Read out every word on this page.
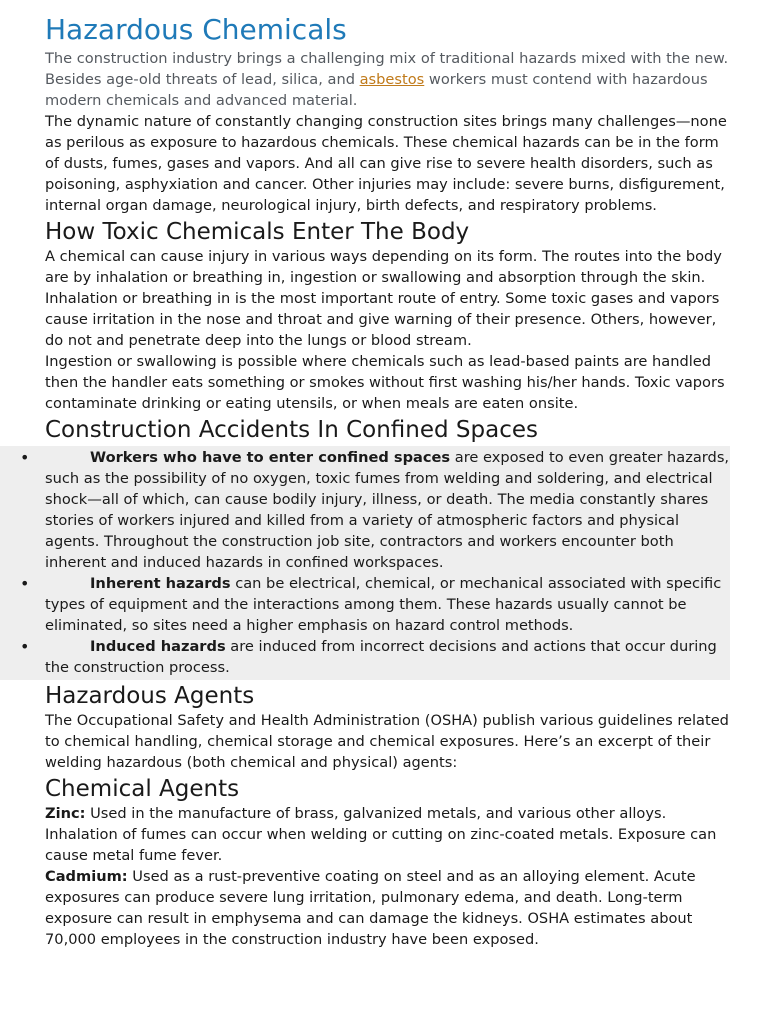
Hazardous Chemicals

The construction industry brings a challenging mix of traditional hazards mixed with the new. Besides age-old threats of lead, silica, and asbestos workers must contend with hazardous modern chemicals and advanced material.

The dynamic nature of constantly changing construction sites brings many challenges—none as perilous as exposure to hazardous chemicals. These chemical hazards can be in the form of dusts, fumes, gases and vapors. And all can give rise to severe health disorders, such as poisoning, asphyxiation and cancer. Other injuries may include: severe burns, disfigurement, internal organ damage, neurological injury, birth defects, and respiratory problems.

How Toxic Chemicals Enter The Body

A chemical can cause injury in various ways depending on its form. The routes into the body are by inhalation or breathing in, ingestion or swallowing and absorption through the skin.

Inhalation or breathing in is the most important route of entry. Some toxic gases and vapors cause irritation in the nose and throat and give warning of their presence. Others, however, do not and penetrate deep into the lungs or blood stream.

Ingestion or swallowing is possible where chemicals such as lead-based paints are handled then the handler eats something or smokes without first washing his/her hands. Toxic vapors contaminate drinking or eating utensils, or when meals are eaten onsite.

Construction Accidents In Confined Spaces
•	Workers who have to enter confined spaces are exposed to even greater hazards, such as the possibility of no oxygen, toxic fumes from welding and soldering, and electrical shock—all of which, can cause bodily injury, illness, or death. The media constantly shares stories of workers injured and killed from a variety of atmospheric factors and physical agents. Throughout the construction job site, contractors and workers encounter both inherent and induced hazards in confined workspaces.
•	Inherent hazards can be electrical, chemical, or mechanical associated with specific types of equipment and the interactions among them. These hazards usually cannot be eliminated, so sites need a higher emphasis on hazard control methods.
•	Induced hazards are induced from incorrect decisions and actions that occur during the construction process.
Hazardous Agents

The Occupational Safety and Health Administration (OSHA) publish various guidelines related to chemical handling, chemical storage and chemical exposures. Here’s an excerpt of their welding hazardous (both chemical and physical) agents:

Chemical Agents

Zinc: Used in the manufacture of brass, galvanized metals, and various other alloys. Inhalation of fumes can occur when welding or cutting on zinc-coated metals. Exposure can cause metal fume fever.

Cadmium: Used as a rust-preventive coating on steel and as an alloying element. Acute exposures can produce severe lung irritation, pulmonary edema, and death. Long-term exposure can result in emphysema and can damage the kidneys. OSHA estimates about 70,000 employees in the construction industry have been exposed.
